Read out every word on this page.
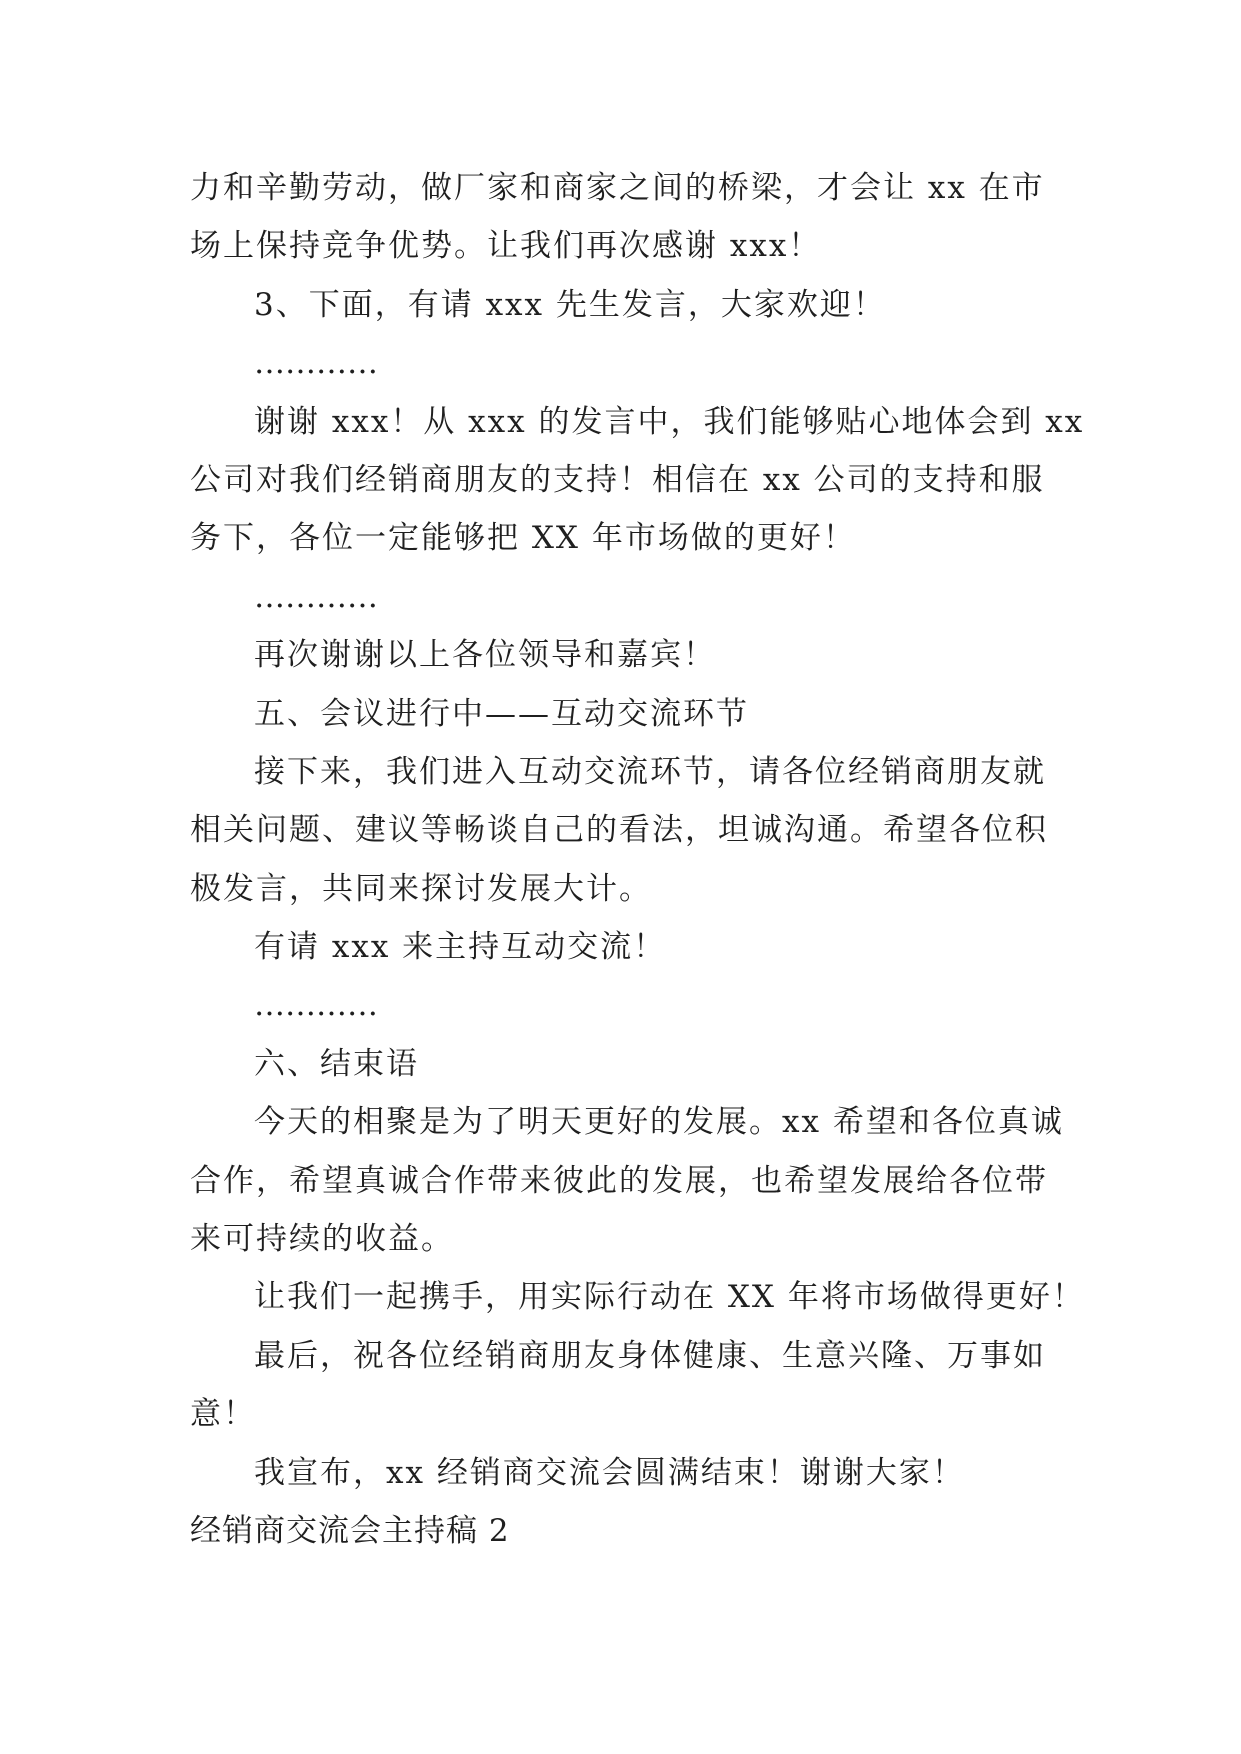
力和辛勤劳动，做厂家和商家之间的桥梁，才会让 xx 在市
场上保持竞争优势。让我们再次感谢 xxx！
3、下面，有请 xxx 先生发言，大家欢迎！
…………
谢谢 xxx！从 xxx 的发言中，我们能够贴心地体会到 xx
公司对我们经销商朋友的支持！相信在 xx 公司的支持和服
务下，各位一定能够把 XX 年市场做的更好！
…………
再次谢谢以上各位领导和嘉宾！
五、会议进行中——互动交流环节
接下来，我们进入互动交流环节，请各位经销商朋友就
相关问题、建议等畅谈自己的看法，坦诚沟通。希望各位积
极发言，共同来探讨发展大计。
有请 xxx 来主持互动交流！
…………
六、结束语
今天的相聚是为了明天更好的发展。xx 希望和各位真诚
合作，希望真诚合作带来彼此的发展，也希望发展给各位带
来可持续的收益。
让我们一起携手，用实际行动在 XX 年将市场做得更好！
最后，祝各位经销商朋友身体健康、生意兴隆、万事如
意！
我宣布，xx 经销商交流会圆满结束！谢谢大家！
经销商交流会主持稿 2
